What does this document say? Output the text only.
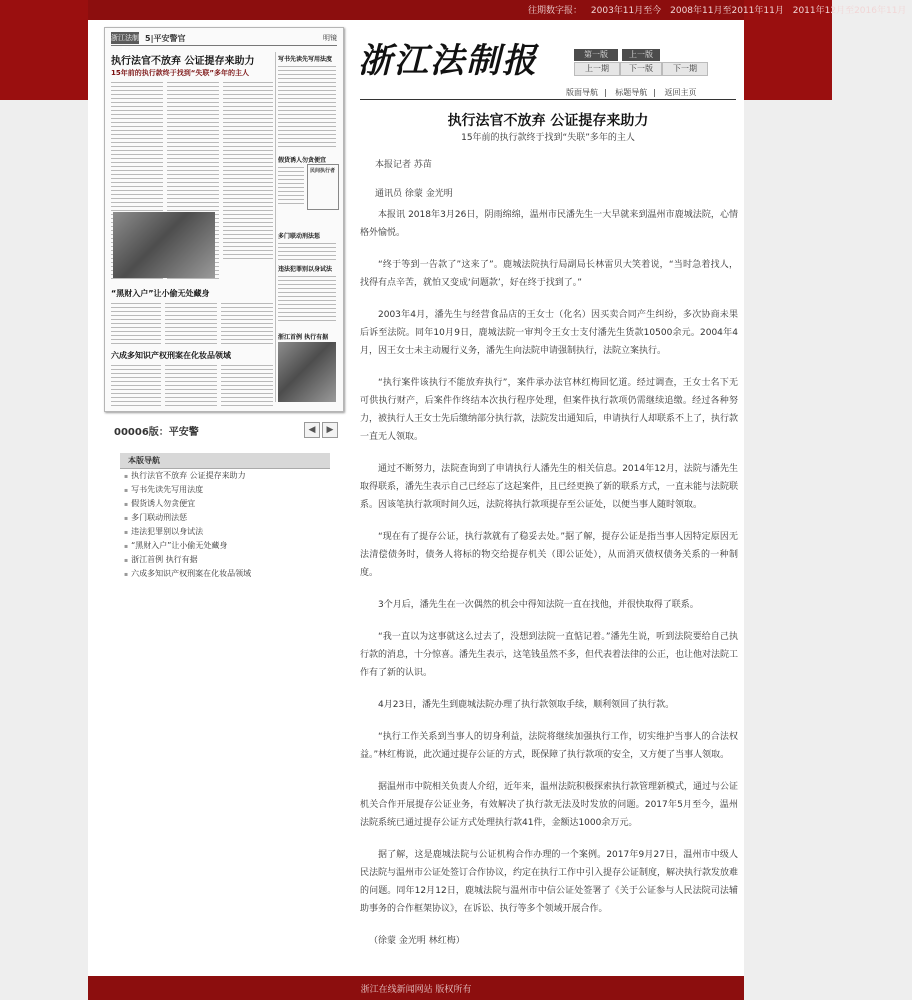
往期数字报： 2003年11月至今 2008年11月至2011年11月 2011年12月至2016年11月
浙江法制报
5|平安警官	明镜
执行法官不放弃 公证提存来助力
15年前的执行款终于找到“失联”多年的主人
写书先读先写用法度
假货诱人勿贪便宜
民间执行者
多门联动刑法惩
违法犯罪别以身试法
浙江首例 执行有据
“黑财入户”让小偷无处藏身
六成多知识产权刑案在化妆品领域
00006版：平安警	◀	▶
本版导航
▪ 执行法官不放弃 公证提存来助力
▪ 写书先读先写用法度
▪ 假货诱人勿贪便宜
▪ 多门联动刑法惩
▪ 违法犯罪别以身试法
▪ “黑财入户”让小偷无处藏身
▪ 浙江首例 执行有据
▪ 六成多知识产权刑案在化妆品领域
浙江法制报	第一版	上一版
上一期	下一版	下一期
版面导航 | 标题导航 | 返回主页
执行法官不放弃 公证提存来助力
15年前的执行款终于找到“失联”多年的主人
本报记者 苏苗
通讯员 徐蒙 金光明

本报讯 2018年3月26日，阴雨绵绵，温州市民潘先生一大早就来到温州市鹿城法院，心情格外愉悦。

“终于等到一告款了”这来了”。鹿城法院执行局副局长林雷贝大笑着说，“当时急着找人，找得有点辛苦，就怕又变成‘问题款’，好在终于找到了。”

2003年4月，潘先生与经营食品店的王女士（化名）因买卖合同产生纠纷，多次协商未果后诉至法院。同年10月9日，鹿城法院一审判令王女士支付潘先生货款10500余元。2004年4月，因王女士未主动履行义务，潘先生向法院申请强制执行，法院立案执行。

“执行案件该执行不能放弃执行”，案件承办法官林红梅回忆道。经过调查，王女士名下无可供执行财产，后案件作终结本次执行程序处理，但案件执行款项仍需继续追缴。经过各种努力，被执行人王女士先后缴纳部分执行款，法院发出通知后，申请执行人却联系不上了，执行款一直无人领取。

通过不断努力，法院查询到了申请执行人潘先生的相关信息。2014年12月，法院与潘先生取得联系，潘先生表示自己已经忘了这起案件，且已经更换了新的联系方式，一直未能与法院联系。因该笔执行款项时间久远，法院将执行款项提存至公证处，以便当事人随时领取。

“现在有了提存公证，执行款就有了稳妥去处。”据了解，提存公证是指当事人因特定原因无法清偿债务时，债务人将标的物交给提存机关（即公证处），从而消灭债权债务关系的一种制度。

3个月后，潘先生在一次偶然的机会中得知法院一直在找他，并很快取得了联系。

“我一直以为这事就这么过去了，没想到法院一直惦记着。”潘先生说，听到法院要给自己执行款的消息，十分惊喜。潘先生表示，这笔钱虽然不多，但代表着法律的公正，也让他对法院工作有了新的认识。

4月23日，潘先生到鹿城法院办理了执行款领取手续，顺利领回了执行款。

“执行工作关系到当事人的切身利益，法院将继续加强执行工作，切实维护当事人的合法权益。”林红梅说，此次通过提存公证的方式，既保障了执行款项的安全，又方便了当事人领取。

据温州市中院相关负责人介绍，近年来，温州法院积极探索执行款管理新模式，通过与公证机关合作开展提存公证业务，有效解决了执行款无法及时发放的问题。2017年5月至今，温州法院系统已通过提存公证方式处理执行款41件，金额达1000余万元。

据了解，这是鹿城法院与公证机构合作办理的一个案例。2017年9月27日，温州市中级人民法院与温州市公证处签订合作协议，约定在执行工作中引入提存公证制度，解决执行款发放难的问题。同年12月12日，鹿城法院与温州市中信公证处签署了《关于公证参与人民法院司法辅助事务的合作框架协议》，在诉讼、执行等多个领域开展合作。

（徐蒙 金光明 林红梅）

浙江在线新闻网站 版权所有
